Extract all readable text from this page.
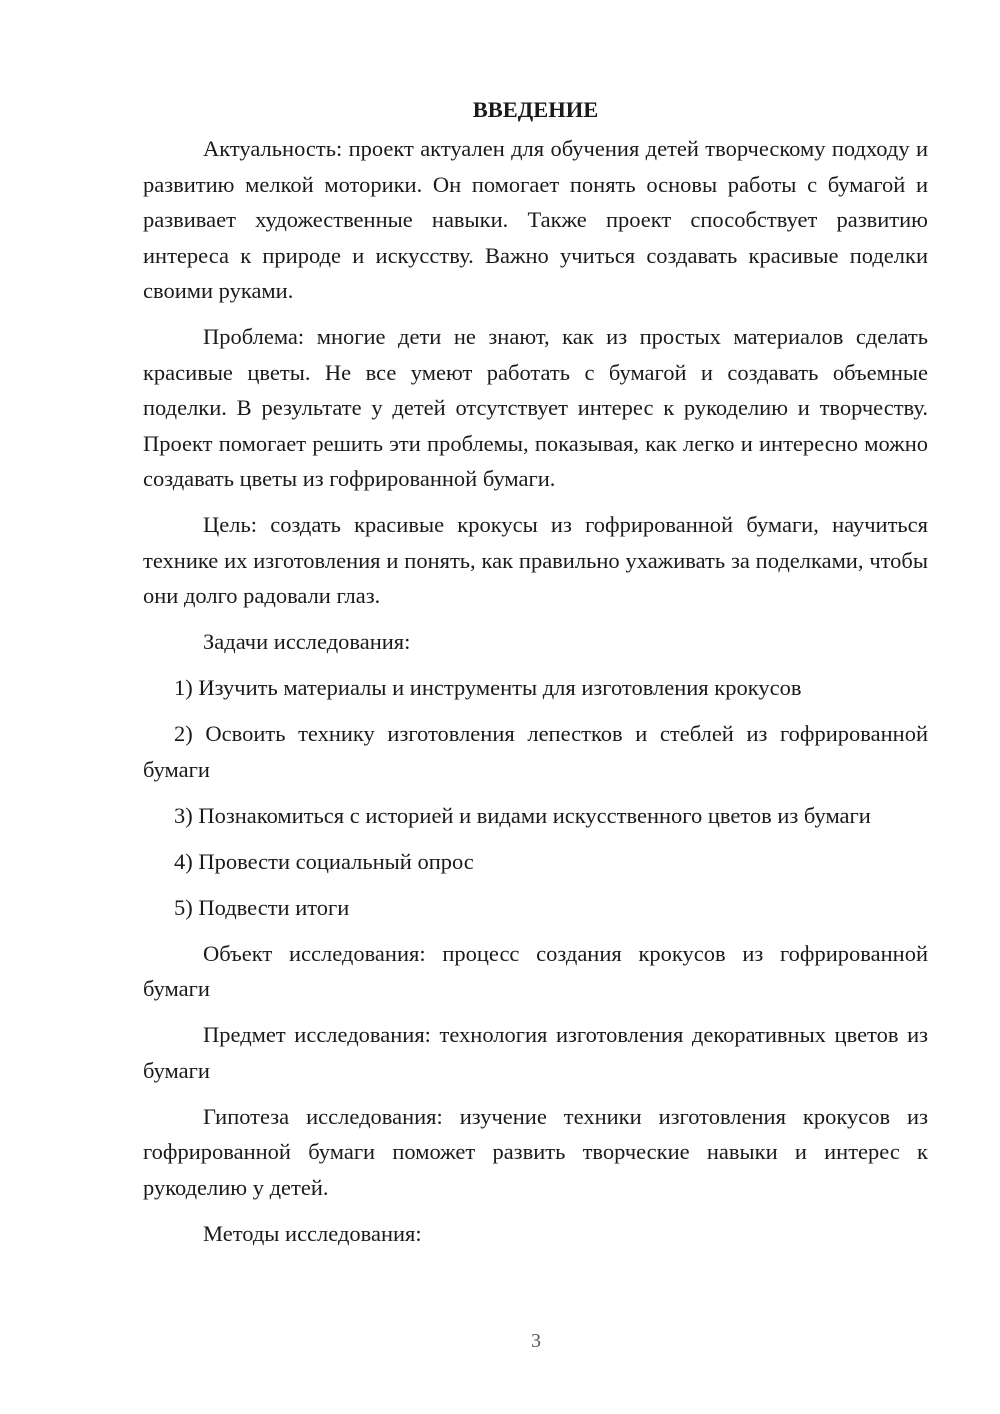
ВВЕДЕНИЕ

Актуальность: проект актуален для обучения детей творческому подходу и развитию мелкой моторики. Он помогает понять основы работы с бумагой и развивает художественные навыки. Также проект способствует развитию интереса к природе и искусству. Важно учиться создавать красивые поделки своими руками.

Проблема: многие дети не знают, как из простых материалов сделать красивые цветы. Не все умеют работать с бумагой и создавать объемные поделки. В результате у детей отсутствует интерес к рукоделию и творчеству. Проект помогает решить эти проблемы, показывая, как легко и интересно можно создавать цветы из гофрированной бумаги.

Цель: создать красивые крокусы из гофрированной бумаги, научиться технике их изготовления и понять, как правильно ухаживать за поделками, чтобы они долго радовали глаз.

Задачи исследования:

1) Изучить материалы и инструменты для изготовления крокусов

2) Освоить технику изготовления лепестков и стеблей из гофрированной бумаги

3) Познакомиться с историей и видами искусственного цветов из бумаги

4) Провести социальный опрос

5) Подвести итоги

Объект исследования: процесс создания крокусов из гофрированной бумаги

Предмет исследования: технология изготовления декоративных цветов из бумаги

Гипотеза исследования: изучение техники изготовления крокусов из гофрированной бумаги поможет развить творческие навыки и интерес к рукоделию у детей.

Методы исследования:

3
